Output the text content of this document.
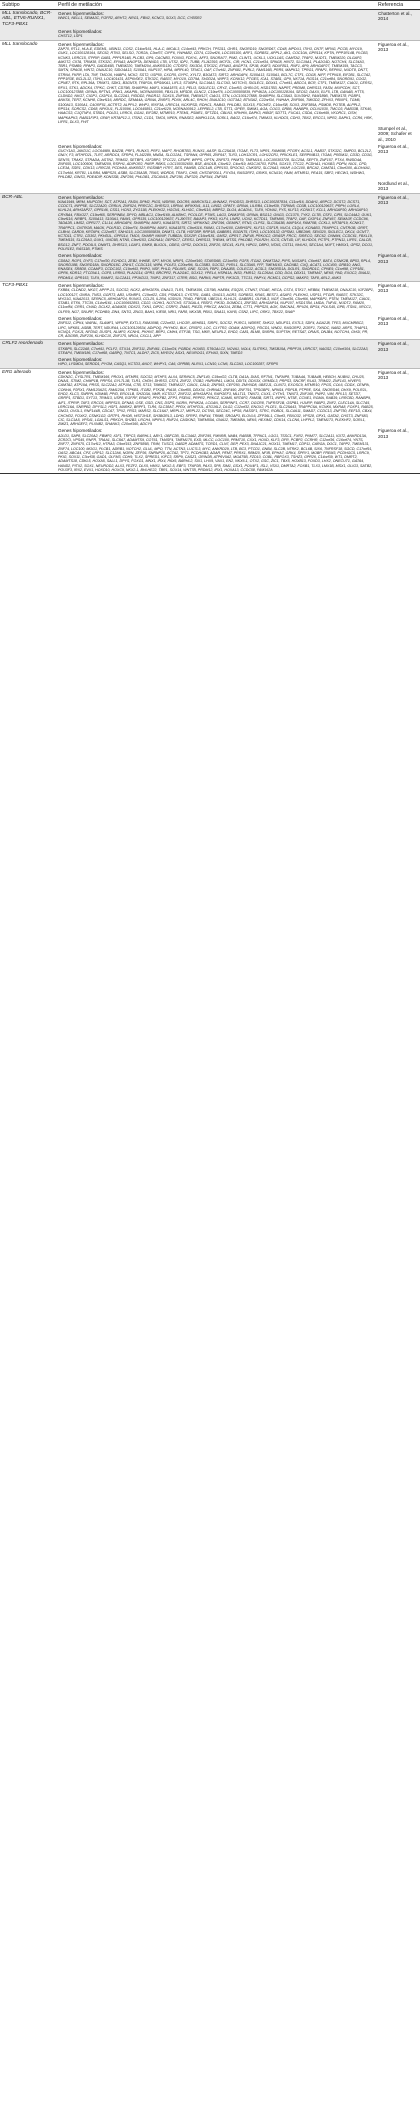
Subtipo	Perfil de metilación	Referencia

MLL translocado, BCR-ABL, ETV6-RUNX1, TCF3-PBX1	Genes hipermetilados:
WWC1, NELL1, SEMA3C, FGFR2, ARHT2, NRG1, FBN2, KCNC3, SOX3, DCC, CYBSR2	Chatterton et al., 2014

	Genes hipometilados:
CHST12, LSP1	

MLL translocado	Genes hipermetilados:
ZAP70, RTL1, HLA-E, EDEM1, UBIN11, COS2, C14orf161, HLA-C, MICAL3, C14orf43, PRKCH, TPS311, GHR1, SNORD19, SNORD67, CD48, MPDU1, ITIH3, CNTF, MFNG, PCCB, MYO19, GUK1, LOC100128164, SEC62, RTN3, SELSO, TOR2A, C3orf37, CIPF6, YWHAB2, CD74, C22orf26, LOC155100, ARF1, SORBS1, APPL2, AK1, COC10A, GPR114, KPTN, PPP1R14B, PLCB3, KCNK3, LRRC15, ITPRIP, GAB1, PPP1R14B, PLCB3, GP9, CACNB3, FOXN3, FDXYL, AFF3, SNORA77, PIM2, CLINT1, UCKL1, UCKL1AS, CAMTA2, TFAP2, NUDT1, TMEM220, DLGAP2, AMOT2, CIITA, TRIM38, STK32C, EFNA3, ANGPTA, DENND3, LTB, UTS2, IDP1, TUBB, FLJ42393, MCF2L, CIR, HCN1, C21orf34, SPAG8, HINT2, SLC19A1, PLA2G4D, NOTCH4, SLC34A3, TBR1, PSMB9, RPAP3, GADD45B, TMEM220, TMEM204, ANKRD130, CTDSP2, SKI3D4, STK32C, EFNA3, ANGPT4, SP1B, IKAF3, NDUFB11, RNF1, AP9, ARHGAP27, TMEM159, TACC3, SMTN, SPAG8, HINT2, DNAJC10, SIDO4A13, S100A1, NUP107, HIRA, MRPL40, TENC1, OAF, C7orf41, ZNF681, PVRL2, FAM116B, PRR5, MAPK12, TPRG1, RPAP1, REPIN1, NUDT8, DNTT, STRN4, FKRP, LTA, TNF, TMCO6, HABP4, NCK2, SST2, USP50, CXCR5, GYPC, XYLT2, B3GAT3, SIRT2, ARHGAP4, S100A13, S100A1, BCL7C, CTF1, CDG8, NIFF, PTPN18, EIF2B1, SLC7A2, PPP1R3E, BCL2L12, ITIH3, LOC401431, ATP6V0E2, STK32C, RAB37, MYO19, CD79A, SH2D2A, WIPF3, KCNK12, PTGES, ICA1, STAB1, GP9, NXT1A, RGS14, C21orf84, SNORD91, COG2, CPNE7, RTK, RPL36A, TRIM71, SDK1, B3GNT8, TFAP2A, RPS6KA1, LIFL3, STXBP4, SLC16A3, SLC7A3, NOTCH3, SIGLEC1, DDX41, C7orf41, ABCC4, BCR, CTF1, TMEM127, CIAO1, CERS1, RFX1, STK1, ADCK4, ITPKC, CHKT, CD79B, SHARPIN, MAF1, KIAA1875, IL3, PELI3, SIGLEC11, CRYZ, C1orf63, GHRLOS, HSD17B3, NAPRT, PRDM8, DHRS13, FASN, MUPCDH, SCT, LOC100127888, GRINA, RFTN1, IFNK1, AKAP8L, NCRNA00095, FBXL19, MFSD8, GLNC2, C19orf76, LOC100505839, PIP4K2A, LOC100128164, SEC62, DAXX, ELF5, LTB, GANAB, HTT5, CLDND2, NKG7, CIGP1, CIGP14, SLC22A1, PIDDD2, PAGR12, SOX15, ZNF566, TMEM127, CIAO1, STN, LOC100127888, SHARPIN, SLC35A3, SUV39H2, FAM189B, TMEM178, PGBP1, ANKS6, TERT, KCNH8, C9orf116, ARRDC, SEMA4A, GRINA, ZNRF3, PDXK, ARL4C, RHOH, DNAJC10, UGT3A2, BTN3A2, C22orf34, YWHAH, ZNF566, TMIGD2, ZFHX3, PBXIP1, TGM6, S100A13, S100A1, C4ORF51, ACTRT2, ALPPL2, WHP1, IRXF3A, LRRC14, NCKIPSD, RDHC1, RAB43, PHLDB1, SOX15, FSCHE2, C16orf38, SOX3, ZNF385A, PSMD8, POTEB, ALPPL2, RPS14, SORCS2, CD68, NPIOU1, FLJ10096, LOC645851, C21orf129, NCRNA00912, LEPREL2, LTB, STT1, GPER, SMIM1, AGA, COG3, GRB6, RANBP9, OCLN1030, TMCO3, RAB33B, STK40, HAACS3, C1QTNF4, STBD1, POLD1, LRRC6, GGA1, EIF2B2, MTMR10, PTEM1, PSME1, SFTZD1, CBLN3, KRHHN, DAPK3, HIBGF, SDTT1, FUCA1, CSDA, C16orf49, VKORC1, CISH, MAPKAPK3, RAB11FIP3, GFAP, KRTAP12-1, ITSN2, C1D1, TMC6, NPEN, RNASE2, MAPKL1CA, SORL1, BAG2, C16orf74, TMIM13, KLHDC5, CDH3, TBX2, ERCC1, NPR2, DAPK1, CCR6, HRK, LIFR1, DLX3, FHIT	Figueroa et al., 2013

		Stumpel et al., 2009; Schafer et al., 2010

	Genes hipometilados:
GUCY1A3, JAKD1C, LOC64989, BAZ2B, PRF1, RUNX3, PRF1, MAP7, RHOBTB3, RUNX1, AASP, SLC25A18, ITGAE, FLT3, NPR1, FAM65B, PTGRY, ACSL1, RAB37, STK32C, SMPD3, BCL2L2, GNLY, F3, MTHFD2L, TLR7, ARRDC4, SFRP4, FLJ42289, MNDA, SLCO2A1, TSPAN4, GPR65, ZNF647, TLR3, LOH12CR1, LOH12CR1, PRICKLE1, SERPINB13, ITGA6, PRDM11, CD3D, CD3G, SEN76, TRAK2, STRADA, ASTN2, TRIM32, SETBP1, IGF2BP2, TFCC21, CENPF, WPPS, OPTN, ZNF573, PNMT9, TMEM116, LOC100303728, SLC25A, SEPT9, ZNF157, PTX4, RWDD4A, ZNF655, LOC100506, TMEM209, RSPH1, ADIPOR2, PARP, RBKS, LOC100302650, BSE, ANO1B, C6orf12, C4orf19, MGC16703, PZR4, SOX10, TTC22, PCDHA1, HOXB3, PDPN, NIO1, CPD, LCE3A, SSR1, CDK13, LRRC28, PCDHA9, ANKRD27, RGS9BP, HTR7, DES, FAM5B, CDC14B, GPR153, SPOCK2, CNKSR2, SLC26A3, NKAP, LOC100, BRCA2, CAMTA1, C9orf100, ALDH4A1, C17orf44, KRT81, LILRB4, MBPS25, ASB8, SLC35A3B, TRAS, WDRD5, TRAF1, CHI8, CHSTAP20L1, FXYD4, RASGRF2, GRIK5, KCNJ10, FAIM, MTMR11, PEA15, SBF2, HECW1, WDHW1, PHLDB2, GINS3, PDE4DIP, KDNSSB, ZNF256, PHLDB1, ZSCAN18, ZNF256, ZNF329, ZNF544, ZNF681	Figueroa et al., 2013

		Nordlund et al., 2013

BCR-ABL	Genes hipermetilados:
KIAA1949, MRM, MUPCDH, SCT, ATP2A1, FASN, DPM2, PIGS, WDR90, DGCR5, MARCKSL1, AHNAK2, FHODS3, DHRS13, LOC100287834, C11orf16, DDAH1, ARPC2, DCST2, DCST1, CCDC71, INPP5E, SLC22A20, CRRLN, ZNF524, PRRC2C, DHRS13, LRRN4, WFIKKN1, IL11, LINS2, GPATY, GRINA, LILRB4, C19orf39, TSPAN5, CD3B, LOC100129637, PRPH, LORL4, KLHL24, ARHGAP27, GPR146, CSS1, HCN3, ZYG11B, PLEKHG2, HGCN1, KLHGC, C9orf116, MBPS2, DLG4, ACADVL, TLE9, YDHA1, FYS, KLF13, KCNK17, KCL1, ARHGAP30, ARHGAP10, CRYBA4, FBXO27, C19orf65, SERPINB4, DPYD, MBLAC1, C9orf169, ALKBHC, PCOLCE, PTMS, LAG3, DNM1P35, GRINA, BSG12, GNG3, CC1375, TYK2, CLTB, CSF1, CIR5, SLC44A2, GUK1, C9orf116, NRBP1, S100A13, S100A1, FAIM1, GPR135, LOC100129637, FLJ90757, BAIAP3, PKK3, KLF4, LINR2, UCN2, KCTD11, TMEM95, TFAP2, OAF, CIGP14, ZNF467, SEMA3F, CCDC96, TADA2B, LIMS2, GPR177, C1L14, ARHGAP4, SHARPIN, MAF1, KIAA1875, SIRT2, WFIKKN2, ZNF296, GEMIN7, RTN3, CLPS1, SLC35A3B, MAP1K4, FAM70B, CCKL1, KRTAP19, KCNK17, TRAPPC1, CNTROB, MAGK, POLR1D, C19orf74, SHARPIN, MAF1, KIAA1875, C9orf116, FAIM1, C17orf100, CARHSP1, KLF13, CSF1R, NUC4, C1QL4, KCNAB3, TRAPPC1, CNTROB, GRRT, CLBH4, CARD9, KRTAP4, C12orf57, SNHG15, LOC100505839, DNMT1, CLTB, HSF2BP, RRP1B, GABBR1, B3GNT5, ITIH3, LOC100132, GPSM1, UBE2M6, SEN320, SIGLEC1, DKC4, GCNT7, KCTD11, CTR1, CD302, PKHD1L, GPR114, TMC6, SHARP, NKNIP, TUBB2A, SSX2IP, C16orf181, GMS2, GPR17, ZNF48, PRKOC2, GRASP, FRCC, SIRECO, SEC62, CNNM4, CCDC61, FBXL19, TMEM115, SLC29A3, GUK1, UNC5B, NTN5, C9orf153, CACNA1I, DEPDC7, CERS1, DHRS13, THEM4, MTSS, PHLDB2, POLR2H, ICCS, CNT4D, LIF, KLHDC6, PCTP1, PTPN11, LIFR1, CALCB, BSG12, ZNF7, PDC6L5, DNMT1, DHRS13, LGAF1, EMK8, BLIGOL, ODEG, GPS2, DOCK11, ZNF20, SEC41, KLF9, HIPG1, DBPO, NTAS, CST11, NHLH1, SEC1A4, NUFT, HMXX1, GPS2, DCO1, POLR1E2, RAS11B, PTMIS	Figueroa et al., 2013

	Genes hipometilados:
CD8A2, RGP1, DYF3, C17orf30, ECHDC1, ZEB2, IHHBE, SPT, MYO6, NRIP1, C20orf160, STARD6B, C21orf59, FGF8, ITGA2, DNMT3A2, PIPS, NUSAP1, C6orf47, BAT4, CSNK2B, BP53, RPL4, SNORD18B, SNORD18A, SNORD18C, ZNHLT, CCDC115, WIPA, POLE3, C20orf96, SLC35B3, SOCS2, PVRL1, SLC30A5, FFF, TMEM163, CACNB2, CXQ, ACAT1, LOC400, GRB10, ANG, RNASE4, SR8D8, CCAMF3, CCDC102, C19orf43, PNPO, NSF, PHLD, PDLIMS, GNE, SCGN, FBP1, DNAJB5, COLEC12, ACSL3, SNORD1A, DGLR1, SNORD1C, CPNE9, C1orf98, CYP1B1, GPR6, KDR12, FTCDNL1, CGF8, LRRN3, PLA2G14, GPR3, BRCPR2, PLA2G4C, SOX12, YPEL4, HSPA1A, INS0, FMR12, SLC26A4, CDD, DG4, DDX11, TMEM47, NEK8, PAD, EXOC2, DNAJ1, PRDM14, GPR153, TLE9, RAMF2, SLC2A11, PP1KD13, TNIP2, ZNF317, GTRR, BSG, PARK6, PAPTR, PIK3CD, TTC31, PAPY4, RCMC1, DCPS2, MAKP2, TAF8, ARL2, ANK3	Figueroa et al., 2013

TCF3-PBX1	Genes hipermetilados:
FXBB4, CLDND2, NKG7, APPP-21, SOCS2, NCK2, ARHGEFA, GNA13, TLR1, TMEM156, CD79B, HAEB4, ESQ20, CTNNT, ITGAE, HECA, CST4, STK17, HEBB4, TMEM218, DNAJC10, IGF2BP1, LOC100127, GNRA, TNS3, GGRT3, AB3, USHBP1, C19orf22, CD5, PSMD13, CYSTR1, GAB1, GNG13, AGR3, SORBS3, KRAS, BEST1, ASAP2, PLEKHG, USP11, PTGIR, RAB37, STK32C, MYO1G, KIAA2013, SERNC5, ARHGAP24, RUNX3, CCL25, IL2RA, IGSN19, TRAD, FBR1B, UBE2L6, KLHL21, GABBR1, OLFML3, NGF, C9orf36, C5orf66, MAPKBP1, PTEN, TMEM127, CIAO1, STAB1, ETFA, TTC39, C14orf161, LOC100652853, CD22, UCHK1, NOTCH3, ST3GAL4, FBSF2, PIK3D, DOMDC1, ZNF382, ARHGAP14, NUP107, HSD17B4, LMDA, TNF41, NUDT2, FAM20, C11orf84, CRR1, CHAD, DCLK2, ADAM28, DDX23, TXN1, DIP2C, CSRP2, ZMAS, PIEZD, PRKCZ, ANO14, ZEBA, CTT1, PRPS25, AGK, SMCNA1, RPU26, BPS4, POLS45, GPB, ITSN1, XRCC1, OLFR9, NG7, SNURF, PCDHB9, ZIN4, SNTG, ZNG3, BAH1, KIE58, NRI1, FAR8, NKX3B, PBX1, SNA11, KAYB, CSN2, LIPC, ORK1, TBX22, SNAP	Figueroa et al., 2013

	Genes hipometilados:
ZNF512, CIPK4, WAFAL, SLAMF1, WFKPP, EXTL3, FAM109B, C22orf32, LHCGR, ARHB11, SIRP1, SOCS2, PURC1, WDR8T, SHK12, NDUFS1, EXTL3, SDF4, AGA2J8, TFE3, MUCMRBC2, LIPC, NFKB1, ASBB, TERT, NDUFA4, LOC100129534, ADIPOQ, PHYHD1, BLK, CRISP2, LOC, CLYTR2, ODAM, ADIPOQ, PDCD1, WND1, RASGRP2, ZGRF1, TXNDC, NAB2, ARFS, THAP11, KCNQ1, FOXJ1, NFDN2, DUSP1, NLMP2, KCNH1, PKHN7, BRP1, CMH4, ETF1B, TSG, MKR, NEURL2, EHD2, CA81, BLM8, SNRPA, SUPT5H, RETSAT, ORAIS, DNJB4, NOTCH4, GHGI, PR, CR, ADGRB, ZNF236, KLHDC10, ZNF175, NRG4, CXCL1, APP	Figueroa et al., 2013

CRLF2 reordenado	Genes hipermetilados:
STKBP5, SLC22A8, C7orf41, PCLF2, STX14, ZNF311, ZNF461, C11orf24, PGBD4, HOXB3, ST6GALC2, NOVA1, NOL4, SLITRK1, TMSB15A, PRPF19, LRRCS7, NAGS2, C10orf104, SLC22A3, STEAP4, TMEM186, C17orf68, GABPQ, TNTC1, ALDH7, ZIC5, MYEOV, ASX1, NEUROG1, EFHA3, SIXN, TMED3	Figueroa et al., 2013

	Genes hipometilados:
HIPO, LYSMD4, SERDD1, PYGM, CASQ1, KCTD3, ANO7, WHPY1, CA6, GPR8B, NLRX1, LCN10, LCN6, SLC2A3, LOC100287, SFRP5	

ERG alterado	Genes hipermetilados:
CDKN2C, CYSLTR1, TMEM166, PROX1, MTMR5, SOCS2, MTHF5, ALX4, SERINC5, ZNF140, C19orf22, CLTB, DA1A, DIAS, RFTN1, TNFAIP8, TUBA4A, TUBA4B, HEBCH, NUBN1, CHU25, DNAI1, STIM2, CHMP1B, PRPS4, GYLTL1B, TLR1, CHDH, DHRS3, CST4, ZNF22, ITGB2, HNRNPA1, LMO4, DDIT4, DDX3X, ORMDL3, PRPS3, SNCRF, RLA3, TRIM22, ZNF143, HIVEP3, CAMTA2, ATP10A, PRSS, SLC22A2, ATP10A, CTB, ST13, TIMM22, TMEM127, CIAO1, CALD, ZNF563, CEP250, ZMYND8, UBE2J1, CLINT1, EXOSC9, MTMR10, FPGS, COL6, CDDX, CENPA, CONHA, P2RX1, FAM120A2S, FAM120A, ITPKB1, ITGB2, PTK2B, PIA18, C6orf55, DDX34, CHRNA2, ZNF490, ZNF791, TPSGBP1, NPAS4, PDP1B, PTPRE, SKA, SNORD46, DHX9, POLR2L, EHD2, KLC3, SNRPN, KDM4B, PPID, ERO1LB, SH2D3A, NMR, KCTD17, ZNF212, ARHGAP24, RAPGEF3, MLLT11, TNNT1, CUX1, CYTH1, TNNT3, ZNF160, PWP2, VIM, RPL13, SETD7, GRRP1, STBD1, SYT13, TRIM13, USP8, EGFRF, ERAP2, PFKFB2, ZFP3, PSEN1, PRPR2, PRKCZ, ICAM5, KRTAP2, FAM3B, SIRT1, INPP1, NT5E, CCNE1, RGMA, RAB39, LRRC8D, RANBP9, AIF1, ITPRIP, TAF3, ERCC6, MRPS15, DFNA5, OSE, GSD, CNS, DSPS, NGRN, PIP4K2A, LCGAN, SERPINF1, CCR7, DGCR8, TNFRSF1B, GSPB1, HJURP, FABP3, ZNF2, CLEC14A, SLC7A5, LRRC16A, SNRPB2, DPYSL2, HSF1, MARK2, BRPF1, TLR6, SLC38A7, PPDX, MTHFD1L, ATG16L2, DLG2, C12orf32, ENOX2, PLCE1, SLC25A43, TRAPPC6A, KCNK6, MXRA8, FOXP1, RAB25, GNG3, OVOL1, RNF144B, CDCA7, TPX2, FRS3, MARS2, SLC16A7, MRPL17, MRPL22, DCTN5, SEC24C, HPS6, RASSF1, STRC, ROBO1, SLC4A11, SMAD7, CCDC13, ZNF750, EEF1D, CBX4, CHCHD2, FOXK2, CSNK1G2, GRTP1, RHOB, HIST1H1E, SH3BGRL3, LDHD, SFRP2, RNF44, TRIM8, SRGAP3, ELOVL6, ZFP36L1, C9orf3, FBXO32, VPS28, GPX1, GATA2, CHST3, ZNF683, CIC, SLC1A5, VPS41, LGALS1, PRKCH, SH2B3, LRCH4, NPIPL3, RNF24, CASKIN2, TMEM50A, GNA12, TMEM8A, NEK6, HEXIM2, CDK14, CLCN6, LHFPL2, TMEM173, PLEKHF2, SORL1, ZMIZ1, ARHGEF2, PLXNB2, SHANK3, C20orf160, ADCY9	Figueroa et al., 2013

	Genes hipometilados:
A2LD1, SAP8, SLC20A2, FBMP2, IGF1, TRPC3, BARHL1, ABY1, OBFC2B, SLC34A2, ZNF295, FMNRB, NAB4, RAB5B, TFPAC1, LGG1, TSSC1, FXR2, PNMT7, SLC2A11, IGIT2, ANKRD13A, ZCR2CI, VPS45, RNFR, TRAA1, SLC8A7, ADAMTS9, COT61, TM4SF4, TMEM175, EXD, MLCC, LOC100, PRMT10, CXX1, HOXD, KLF3, DFR, PCBP2, CCRHR, C12orf36, C16orf74, YNTS, ZNF77, ZNF675, C17orf12, HTRA3, C9orf153, ZNF585B, TRIM, TUSC3, DAB2P, ADAMTS, TCRD1, CLN7, DEP, PEX3, DNAJC21, HOX11, TMEM17, CDP11, CARGA, DOC1, TAPP2, TMEM131, ZNF74, LOC100, MOG1, PLCB1, ADRB1, NOTCH2, GLUL, MPO, TTN, ACTN3, LUC7L3, MYC, ANKRD29, LTB, BC3, PTCD1, GNB4, SLC2B, NTRK2, BCL6B, SIX6, TNFRSF18, SGCD, C17orf91, OAS2, ABCA4, CPZ, LRP12, SLC12A6, NGRN, ZEP36, SNRNP25, ACTA2, TPT1, PCDHGB3, ADAR, PEMT, PRRX1, RBM20, NFIB, EPHA7, GRK4, SPRY1, MOBP, FREM3, PCDHGC5, LRRC9, PKIG, SOX11, C3orf38, GAD1, OLFM3, CDH9, TLX2, SPRED1, KIFC3, SRP9, CASZ1, GRIN2B, ATP6V0A2, MGAT5B, FZD10, COBL, RBFOX3, TSHZ3, GPR26, C14orf39, WT1, DMRT2, ADAMTS18, CDKL5, HOXA5, SALL1, DPYS, FOXG1, MNX1, IRX4, PAX6, BARHL2, SIX1, LHX9, VAX1, EN2, NKX6-1, OTX2, GSC, ZIC1, TBX5, HOXB13, FOXD3, LHX2, ONECUT1, GATA4, HAND2, PITX2, SOX1, NEUROD2, ALX3, FEZF2, DLX5, HMX1, NKX2-5, EBF3, TFAP2B, PAX3, SP8, SIM1, GSX1, POU4F1, ISL1, VSX1, DMRTA2, FOXB1, TLX3, LMX1B, MSX1, OLIG3, SATB2, POU3F3, IRX2, EVX1, HOXD10, HOXC9, NKX2-1, BHLHE22, TBR1, SOX14, WNT7B, PRDM12, IRX1, HOXA13, CCDC58, FAM162A	Figueroa et al., 2013
